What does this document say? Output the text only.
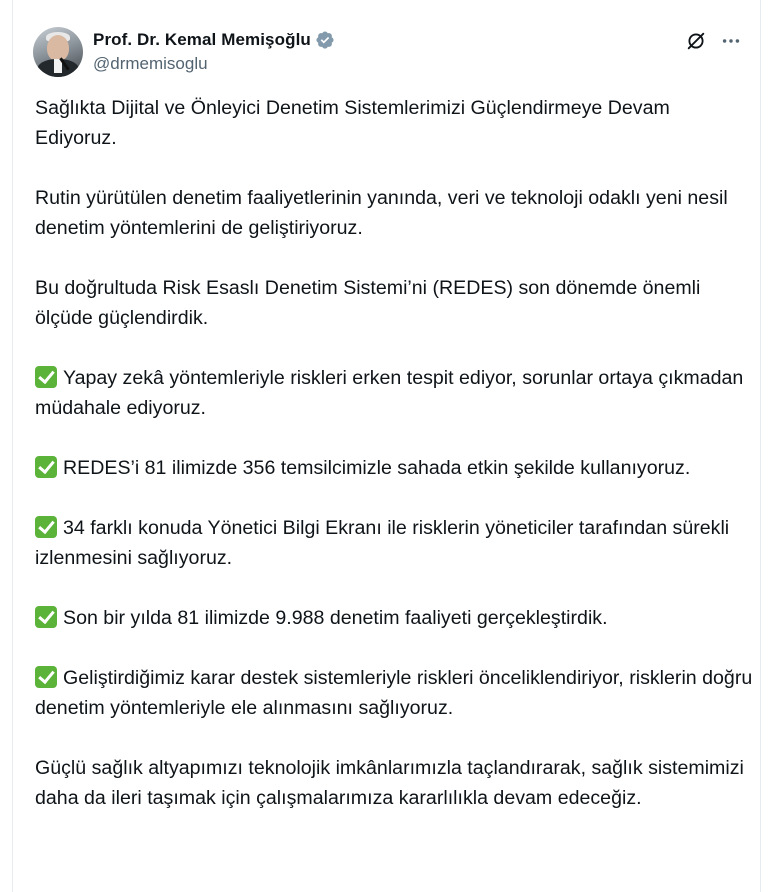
Prof. Dr. Kemal Memişoğlu
@drmemisoglu

Sağlıkta Dijital ve Önleyici Denetim Sistemlerimizi Güçlendirmeye Devam Ediyoruz.

Rutin yürütülen denetim faaliyetlerinin yanında, veri ve teknoloji odaklı yeni nesil denetim yöntemlerini de geliştiriyoruz.

Bu doğrultuda Risk Esaslı Denetim Sistemi’ni (REDES) son dönemde önemli ölçüde güçlendirdik.

Yapay zekâ yöntemleriyle riskleri erken tespit ediyor, sorunlar ortaya çıkmadan müdahale ediyoruz.

REDES’i 81 ilimizde 356 temsilcimizle sahada etkin şekilde kullanıyoruz.

34 farklı konuda Yönetici Bilgi Ekranı ile risklerin yöneticiler tarafından sürekli izlenmesini sağlıyoruz.

Son bir yılda 81 ilimizde 9.988 denetim faaliyeti gerçekleştirdik.

Geliştirdiğimiz karar destek sistemleriyle riskleri önceliklendiriyor, risklerin doğru denetim yöntemleriyle ele alınmasını sağlıyoruz.

Güçlü sağlık altyapımızı teknolojik imkânlarımızla taçlandırarak, sağlık sistemimizi daha da ileri taşımak için çalışmalarımıza kararlılıkla devam edeceğiz.
